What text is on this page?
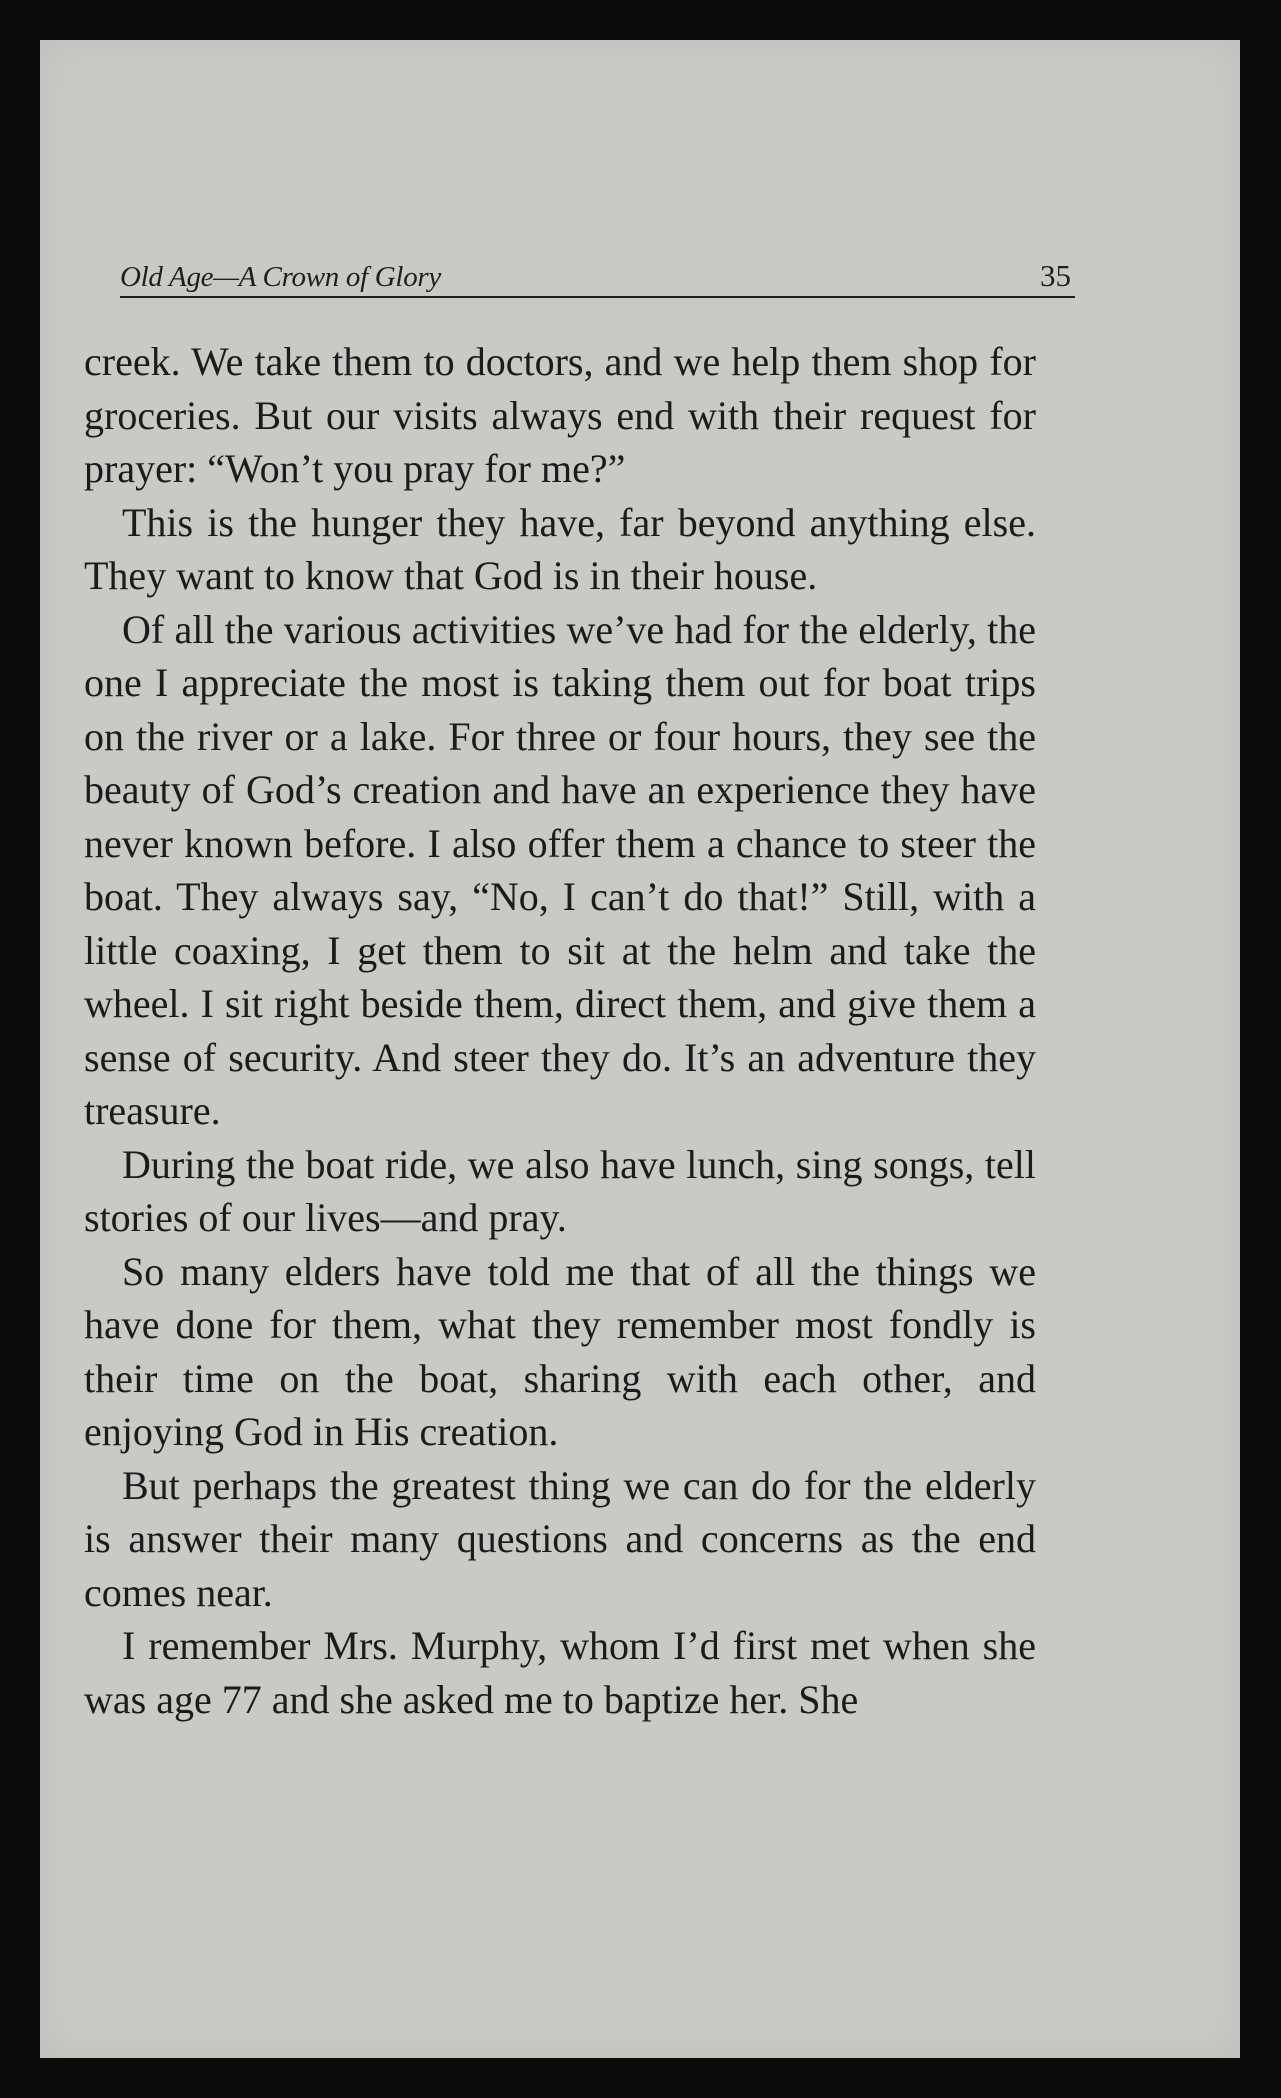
Old Age—A Crown of Glory	35

creek. We take them to doctors, and we help them shop for groceries. But our visits always end with their request for prayer: “Won’t you pray for me?”

This is the hunger they have, far beyond anything else. They want to know that God is in their house.

Of all the various activities we’ve had for the elderly, the one I appreciate the most is taking them out for boat trips on the river or a lake. For three or four hours, they see the beauty of God’s creation and have an experience they have never known before. I also offer them a chance to steer the boat. They always say, “No, I can’t do that!” Still, with a little coaxing, I get them to sit at the helm and take the wheel. I sit right beside them, direct them, and give them a sense of security. And steer they do. It’s an adventure they treasure.

During the boat ride, we also have lunch, sing songs, tell stories of our lives—and pray.

So many elders have told me that of all the things we have done for them, what they remember most fondly is their time on the boat, sharing with each other, and enjoying God in His creation.

But perhaps the greatest thing we can do for the elderly is answer their many questions and concerns as the end comes near.

I remember Mrs. Murphy, whom I’d first met when she was age 77 and she asked me to baptize her. She
